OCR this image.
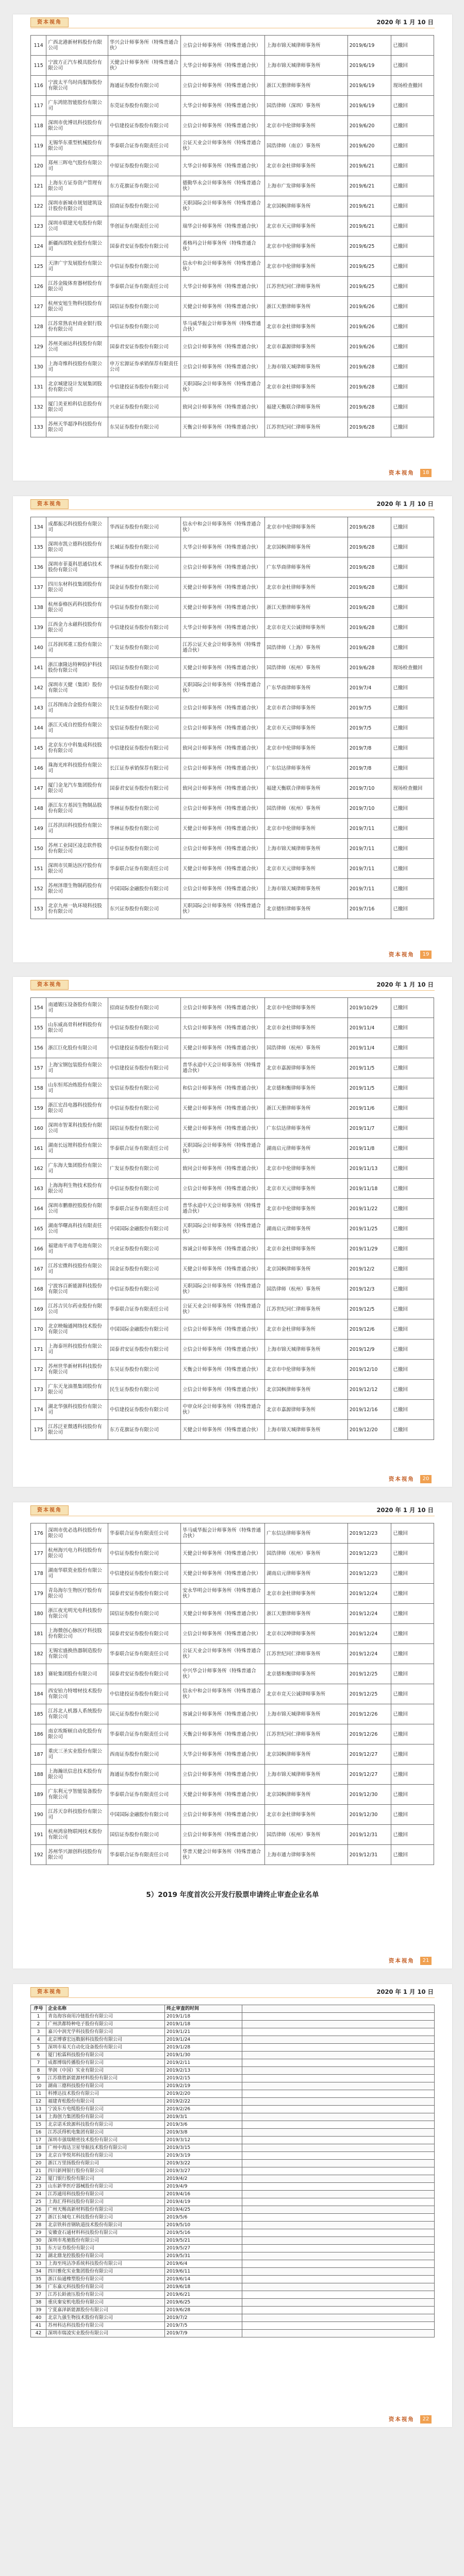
资本视角	2020 年 1 月 10 日
114	广西北港新材料股份有限公司	华兴会计师事务所（特殊普通合伙）	立信会计师事务所（特殊普通合伙）	上海市锦天城律师事务所	2019/6/19	已撤回
115	宁波方正汽车模具股份有限公司	天健会计师事务所（特殊普通合伙）	大华会计师事务所（特殊普通合伙）	上海市锦天城律师事务所	2019/6/19	已撤回
116	宁波太平鸟时尚服饰股份有限公司	海通证券股份有限公司	立信会计师事务所（特殊普通合伙）	浙江天册律师事务所	2019/6/19	现场检查撤回
117	广东鸿铭智能股份有限公司	东莞证券股份有限公司	大华会计师事务所（特殊普通合伙）	国浩律师（深圳）事务所	2019/6/19	已撤回
118	深圳市优博讯科技股份有限公司	中信建投证券股份有限公司	立信会计师事务所（特殊普通合伙）	北京市中伦律师事务所	2019/6/20	已撤回
119	无锡华东重型机械股份有限公司	华泰联合证券有限责任公司	公证天业会计师事务所（特殊普通合伙）	国浩律师（南京）事务所	2019/6/20	已撤回
120	郑州三晖电气股份有限公司	中原证券股份有限公司	大华会计师事务所（特殊普通合伙）	北京市金杜律师事务所	2019/6/21	已撤回
121	上海东方证券资产管理有限公司	东方花旗证券有限公司	德勤华永会计师事务所（特殊普通合伙）	上海市广发律师事务所	2019/6/21	已撤回
122	深圳市新城市规划建筑设计股份有限公司	招商证券股份有限公司	天职国际会计师事务所（特殊普通合伙）	北京国枫律师事务所	2019/6/21	已撤回
123	深圳市联建光电股份有限公司	华创证券有限责任公司	瑞华会计师事务所（特殊普通合伙）	北京市天元律师事务所	2019/6/21	已撤回
124	新疆西部牧业股份有限公司	国泰君安证券股份有限公司	希格玛会计师事务所（特殊普通合伙）	北京市中伦律师事务所	2019/6/25	已撤回
125	天津广宇发展股份有限公司	中信证券股份有限公司	信永中和会计师事务所（特殊普通合伙）	北京市中伦律师事务所	2019/6/25	已撤回
126	江苏金陵体育器材股份有限公司	华泰联合证券有限责任公司	大华会计师事务所（特殊普通合伙）	江苏世纪同仁律师事务所	2019/6/25	已撤回
127	杭州安旭生物科技股份有限公司	国信证券股份有限公司	天健会计师事务所（特殊普通合伙）	浙江天册律师事务所	2019/6/26	已撤回
128	江苏常熟农村商业银行股份有限公司	中信证券股份有限公司	毕马威华振会计师事务所（特殊普通合伙）	北京市金杜律师事务所	2019/6/26	已撤回
129	苏州美丽达科技股份有限公司	国泰君安证券股份有限公司	立信会计师事务所（特殊普通合伙）	北京市嘉源律师事务所	2019/6/26	已撤回
130	上海奇维科技股份有限公司	申万宏源证券承销保荐有限责任公司	立信会计师事务所（特殊普通合伙）	上海市锦天城律师事务所	2019/6/28	已撤回
131	北京城建设计发展集团股份有限公司	中信建投证券股份有限公司	天职国际会计师事务所（特殊普通合伙）	北京市金杜律师事务所	2019/6/28	已撤回
132	厦门美亚柏科信息股份有限公司	兴业证券股份有限公司	致同会计师事务所（特殊普通合伙）	福建天衡联合律师事务所	2019/6/28	已撤回
133	苏州天华超净科技股份有限公司	东吴证券股份有限公司	天衡会计师事务所（特殊普通合伙）	江苏世纪同仁律师事务所	2019/6/28	已撤回
资本视角 18
资本视角	2020 年 1 月 10 日
134	成都振芯科技股份有限公司	华西证券股份有限公司	信永中和会计师事务所（特殊普通合伙）	北京市中伦律师事务所	2019/6/28	已撤回
135	深圳市凯立德科技股份有限公司	长城证券股份有限公司	大华会计师事务所（特殊普通合伙）	北京国枫律师事务所	2019/6/28	已撤回
136	深圳市菲菱科思通信技术股份有限公司	华林证券股份有限公司	立信会计师事务所（特殊普通合伙）	广东华商律师事务所	2019/6/28	已撤回
137	四川东材科技集团股份有限公司	国金证券股份有限公司	天健会计师事务所（特殊普通合伙）	北京市金杜律师事务所	2019/6/28	已撤回
138	杭州泰格医药科技股份有限公司	中信证券股份有限公司	天健会计师事务所（特殊普通合伙）	浙江天册律师事务所	2019/6/28	已撤回
139	江西金力永磁科技股份有限公司	中信建投证券股份有限公司	大华会计师事务所（特殊普通合伙）	北京市竞天公诚律师事务所	2019/6/28	已撤回
140	江苏润邦重工股份有限公司	广发证券股份有限公司	江苏公证天业会计师事务所（特殊普通合伙）	国浩律师（上海）事务所	2019/6/28	已撤回
141	浙江康隆达特种防护科技股份有限公司	国信证券股份有限公司	天健会计师事务所（特殊普通合伙）	国浩律师（杭州）事务所	2019/6/28	现场检查撤回
142	深圳市天健（集团）股份有限公司	中信证券股份有限公司	天职国际会计师事务所（特殊普通合伙）	广东华商律师事务所	2019/7/4	已撤回
143	江苏图南合金股份有限公司	民生证券股份有限公司	立信会计师事务所（特殊普通合伙）	北京市君合律师事务所	2019/7/5	已撤回
144	浙江天成自控股份有限公司	安信证券股份有限公司	立信会计师事务所（特殊普通合伙）	北京市天元律师事务所	2019/7/5	已撤回
145	北京东方中科集成科技股份有限公司	中信建投证券股份有限公司	致同会计师事务所（特殊普通合伙）	北京市中伦律师事务所	2019/7/8	已撤回
146	珠海光库科技股份有限公司	长江证券承销保荐有限公司	立信会计师事务所（特殊普通合伙）	广东信达律师事务所	2019/7/8	已撤回
147	厦门金龙汽车集团股份有限公司	国泰君安证券股份有限公司	致同会计师事务所（特殊普通合伙）	福建天衡联合律师事务所	2019/7/10	现场检查撤回
148	浙江东方基因生物制品股份有限公司	华林证券股份有限公司	立信会计师事务所（特殊普通合伙）	国浩律师（杭州）事务所	2019/7/10	已撤回
149	江苏洪田科技股份有限公司	华林证券股份有限公司	天健会计师事务所（特殊普通合伙）	北京市中伦律师事务所	2019/7/11	已撤回
150	苏州工业园区凌志软件股份有限公司	中信证券股份有限公司	立信会计师事务所（特殊普通合伙）	上海市锦天城律师事务所	2019/7/11	已撤回
151	深圳市贝斯达医疗股份有限公司	华泰联合证券有限责任公司	天健会计师事务所（特殊普通合伙）	北京市天元律师事务所	2019/7/11	已撤回
152	苏州泽璟生物制药股份有限公司	中国国际金融股份有限公司	立信会计师事务所（特殊普通合伙）	上海市锦天城律师事务所	2019/7/11	已撤回
153	北京九州一轨环境科技股份有限公司	东兴证券股份有限公司	天职国际会计师事务所（特殊普通合伙）	北京德恒律师事务所	2019/7/16	已撤回
资本视角 19
资本视角	2020 年 1 月 10 日
154	南通锻压设备股份有限公司	招商证券股份有限公司	立信会计师事务所（特殊普通合伙）	北京市中伦律师事务所	2019/10/29	已撤回
155	山东威高骨科材料股份有限公司	中信证券股份有限公司	大信会计师事务所（特殊普通合伙）	北京市金杜律师事务所	2019/11/4	已撤回
156	浙江巨化股份有限公司	中信建投证券股份有限公司	天健会计师事务所（特殊普通合伙）	国浩律师（杭州）事务所	2019/11/4	已撤回
157	上海宝钢包装股份有限公司	中信建投证券股份有限公司	普华永道中天会计师事务所（特殊普通合伙）	北京市嘉源律师事务所	2019/11/5	已撤回
158	山东恒邦冶炼股份有限公司	安信证券股份有限公司	和信会计师事务所（特殊普通合伙）	北京德和衡律师事务所	2019/11/5	已撤回
159	浙江宏昌电器科技股份有限公司	中信证券股份有限公司	天健会计师事务所（特殊普通合伙）	浙江天册律师事务所	2019/11/6	已撤回
160	深圳市智莱科技股份有限公司	国信证券股份有限公司	天健会计师事务所（特殊普通合伙）	广东信达律师事务所	2019/11/7	已撤回
161	湖南长远锂科股份有限公司	华泰联合证券有限责任公司	天职国际会计师事务所（特殊普通合伙）	湖南启元律师事务所	2019/11/8	已撤回
162	广东海大集团股份有限公司	广发证券股份有限公司	致同会计师事务所（特殊普通合伙）	北京市中伦律师事务所	2019/11/13	已撤回
163	上海海利生物技术股份有限公司	中信证券股份有限公司	立信会计师事务所（特殊普通合伙）	北京市天元律师事务所	2019/11/18	已撤回
164	深圳市鹏鼎控股股份有限公司	华泰联合证券有限责任公司	普华永道中天会计师事务所（特殊普通合伙）	北京市中伦律师事务所	2019/11/22	已撤回
165	湖南华曙高科技有限责任公司	中国国际金融股份有限公司	天职国际会计师事务所（特殊普通合伙）	湖南启元律师事务所	2019/11/25	已撤回
166	福建南平南孚电池有限公司	兴业证券股份有限公司	容诚会计师事务所（特殊普通合伙）	北京市金杜律师事务所	2019/11/29	已撤回
167	江苏宏微科技股份有限公司	国金证券股份有限公司	天健会计师事务所（特殊普通合伙）	北京国枫律师事务所	2019/12/2	已撤回
168	宁波容百新能源科技股份有限公司	中信证券股份有限公司	天职国际会计师事务所（特殊普通合伙）	国浩律师（杭州）事务所	2019/12/3	已撤回
169	江苏吉贝尔药业股份有限公司	华泰联合证券有限责任公司	公证天业会计师事务所（特殊普通合伙）	江苏世纪同仁律师事务所	2019/12/5	已撤回
170	北京映翰通网络技术股份有限公司	中国国际金融股份有限公司	立信会计师事务所（特殊普通合伙）	北京市金杜律师事务所	2019/12/6	已撤回
171	上海泰坦科技股份有限公司	国泰君安证券股份有限公司	立信会计师事务所（特殊普通合伙）	上海市锦天城律师事务所	2019/12/9	已撤回
172	苏州世华新材料科技股份有限公司	东吴证券股份有限公司	天衡会计师事务所（特殊普通合伙）	北京市中伦律师事务所	2019/12/10	已撤回
173	广东天龙油墨集团股份有限公司	民生证券股份有限公司	立信会计师事务所（特殊普通合伙）	北京国枫律师事务所	2019/12/12	已撤回
174	湖北华强科技股份有限公司	中信建投证券股份有限公司	中审众环会计师事务所（特殊普通合伙）	北京市嘉源律师事务所	2019/12/16	已撤回
175	江苏泛亚微透科技股份有限公司	东方花旗证券有限公司	天健会计师事务所（特殊普通合伙）	上海市锦天城律师事务所	2019/12/20	已撤回
资本视角 20
资本视角	2020 年 1 月 10 日
176	深圳市优必选科技股份有限公司	华泰联合证券有限责任公司	毕马威华振会计师事务所（特殊普通合伙）	广东信达律师事务所	2019/12/23	已撤回
177	杭州海兴电力科技股份有限公司	中信证券股份有限公司	天健会计师事务所（特殊普通合伙）	国浩律师（杭州）事务所	2019/12/23	已撤回
178	湖南华联瓷业股份有限公司	中信建投证券股份有限公司	天健会计师事务所（特殊普通合伙）	湖南启元律师事务所	2019/12/23	已撤回
179	青岛海尔生物医疗股份有限公司	国泰君安证券股份有限公司	安永华明会计师事务所（特殊普通合伙）	北京市金杜律师事务所	2019/12/24	已撤回
180	浙江夜光明光电科技股份有限公司	国信证券股份有限公司	天健会计师事务所（特殊普通合伙）	浙江天册律师事务所	2019/12/24	已撤回
181	上海微创心脉医疗科技股份有限公司	国泰君安证券股份有限公司	立信会计师事务所（特殊普通合伙）	北京市汉坤律师事务所	2019/12/24	已撤回
182	无锡宏盛换热器制造股份有限公司	华泰联合证券有限责任公司	公证天业会计师事务所（特殊普通合伙）	江苏世纪同仁律师事务所	2019/12/24	已撤回
183	赛轮集团股份有限公司	国泰君安证券股份有限公司	中兴华会计师事务所（特殊普通合伙）	北京德和衡律师事务所	2019/12/25	已撤回
184	西安铂力特增材技术股份有限公司	中信建投证券股份有限公司	信永中和会计师事务所（特殊普通合伙）	北京市竞天公诚律师事务所	2019/12/25	已撤回
185	江苏北人机器人系统股份有限公司	国元证券股份有限公司	容诚会计师事务所（特殊普通合伙）	上海市锦天城律师事务所	2019/12/26	已撤回
186	南京埃斯顿自动化股份有限公司	华泰联合证券有限责任公司	天衡会计师事务所（特殊普通合伙）	江苏世纪同仁律师事务所	2019/12/26	已撤回
187	重庆三圣实业股份有限公司	西南证券股份有限公司	大华会计师事务所（特殊普通合伙）	北京国枫律师事务所	2019/12/27	已撤回
188	上海瀚讯信息技术股份有限公司	海通证券股份有限公司	立信会计师事务所（特殊普通合伙）	上海市锦天城律师事务所	2019/12/27	已撤回
189	广东利元亨智能装备股份有限公司	华泰联合证券有限责任公司	天健会计师事务所（特殊普通合伙）	北京国枫律师事务所	2019/12/30	已撤回
190	江苏天奈科技股份有限公司	中国国际金融股份有限公司	立信会计师事务所（特殊普通合伙）	北京市金杜律师事务所	2019/12/30	已撤回
191	杭州鸿泉物联网技术股份有限公司	国信证券股份有限公司	立信会计师事务所（特殊普通合伙）	国浩律师（杭州）事务所	2019/12/31	已撤回
192	苏州华兴源创科技股份有限公司	华泰联合证券有限责任公司	华普天健会计师事务所（特殊普通合伙）	上海市通力律师事务所	2019/12/31	已撤回
5）2019 年度首次公开发行股票申请终止审查企业名单
资本视角 21
资本视角	2020 年 1 月 10 日
序号	企业名称	终止审查的时间	
1	青岛海容商用冷链股份有限公司	2019/1/18	
2	广州洪都特种电子股份有限公司	2019/1/18	
3	嘉兴中润光学科技股份有限公司	2019/1/21	
4	北京博睿宏远数据科技股份有限公司	2019/1/24	
5	深圳市易天自动化设备股份有限公司	2019/1/28	
6	厦门松霖科技股份有限公司	2019/1/30	
7	成都博瑞传播股份有限公司	2019/2/11	
8	华润（中国）实业有限公司	2019/2/13	
9	江苏鼎胜新能源材料股份有限公司	2019/2/15	
10	湖南三德科技股份有限公司	2019/2/19	
11	科博达技术股份有限公司	2019/2/20	
12	福建青松股份有限公司	2019/2/22	
13	宁波东方电缆股份有限公司	2019/2/26	
14	上海创力集团股份有限公司	2019/3/1	
15	北京诺禾致源科技股份有限公司	2019/3/6	
16	江苏沃得机电集团有限公司	2019/3/8	
17	深圳市强瑞精密技术股份有限公司	2019/3/12	
18	广州中海达卫星导航技术股份有限公司	2019/3/15	
19	北京百华悦邦科技股份有限公司	2019/3/19	
20	浙江万里扬股份有限公司	2019/3/22	
21	四川新网银行股份有限公司	2019/3/27	
22	厦门银行股份有限公司	2019/4/2	
23	山东新华医疗器械股份有限公司	2019/4/9	
24	江苏通用科技股份有限公司	2019/4/16	
25	上海汇得科技股份有限公司	2019/4/19	
26	广州天赐高新材料股份有限公司	2019/4/25	
27	浙江长城电工科技股份有限公司	2019/5/6	
28	北京铁科首钢轨道技术股份有限公司	2019/5/10	
29	安徽壹石通材料科技股份有限公司	2019/5/16	
30	深圳市兆驰股份有限公司	2019/5/21	
31	东方证券股份有限公司	2019/5/27	
32	湖北鼎龙控股股份有限公司	2019/5/31	
33	上海至纯洁净系统科技股份有限公司	2019/6/4	
34	四川雅化实业集团股份有限公司	2019/6/11	
35	浙江仙通橡塑股份有限公司	2019/6/14	
36	广东嘉元科技股份有限公司	2019/6/18	
37	江苏长龄液压股份有限公司	2019/6/21	
38	重庆秦安机电股份有限公司	2019/6/25	
39	宁夏嘉泽新能源股份有限公司	2019/6/28	
40	北京九强生物技术股份有限公司	2019/7/2	
41	苏州科达科技股份有限公司	2019/7/5	
42	深圳市瑞凌实业股份有限公司	2019/7/9	
资本视角 22
